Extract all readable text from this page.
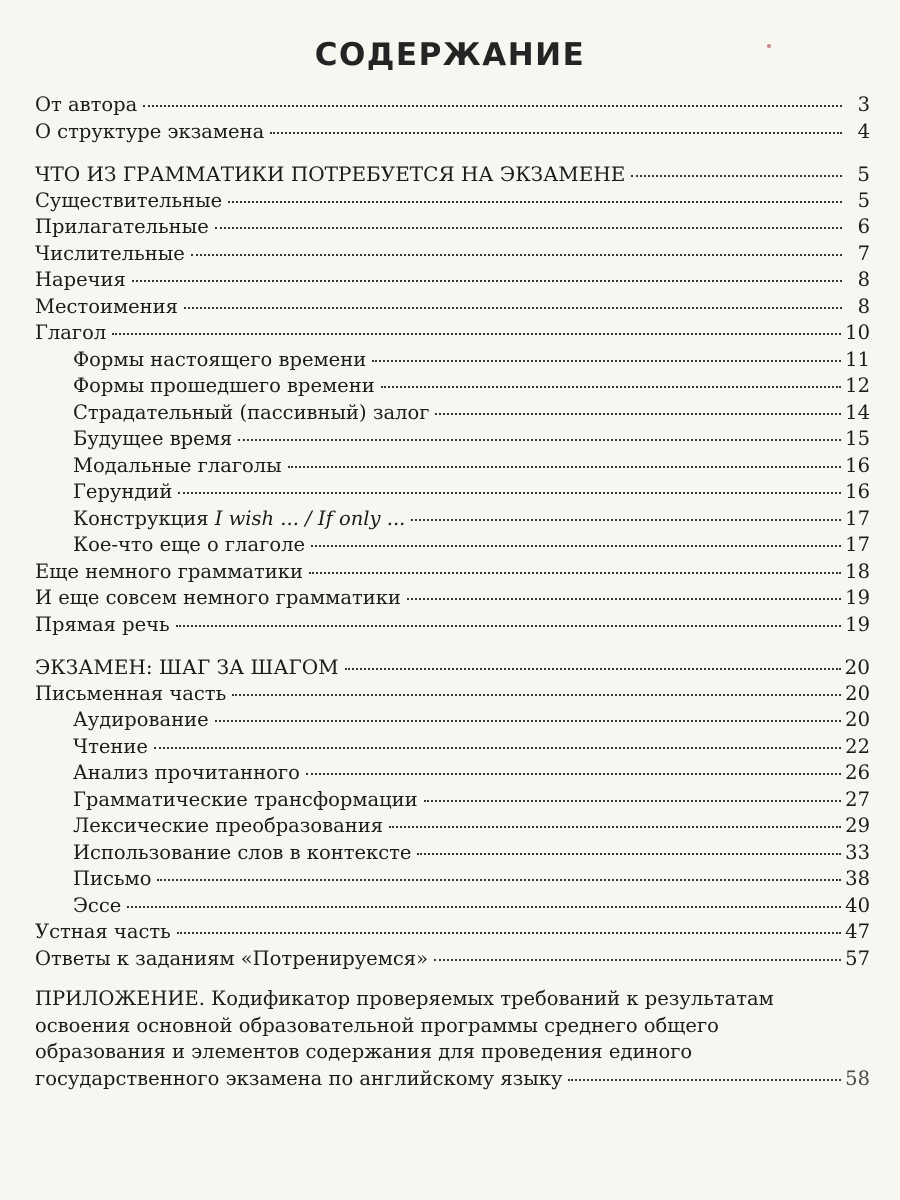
СОДЕРЖАНИЕ
От автора	3
О структуре экзамена	4
ЧТО ИЗ ГРАММАТИКИ ПОТРЕБУЕТСЯ НА ЭКЗАМЕНЕ	5
Существительные	5
Прилагательные	6
Числительные	7
Наречия	8
Местоимения	8
Глагол	10
Формы настоящего времени	11
Формы прошедшего времени	12
Страдательный (пассивный) залог	14
Будущее время	15
Модальные глаголы	16
Герундий	16
Конструкция I wish ... / If only ...	17
Кое-что еще о глаголе	17
Еще немного грамматики	18
И еще совсем немного грамматики	19
Прямая речь	19
ЭКЗАМЕН: ШАГ ЗА ШАГОМ	20
Письменная часть	20
Аудирование	20
Чтение	22
Анализ прочитанного	26
Грамматические трансформации	27
Лексические преобразования	29
Использование слов в контексте	33
Письмо	38
Эссе	40
Устная часть	47
Ответы к заданиям «Потренируемся»	57
ПРИЛОЖЕНИЕ. Кодификатор проверяемых требований к результатам
освоения основной образовательной программы среднего общего
образования и элементов содержания для проведения единого
государственного экзамена по английскому языку	58
